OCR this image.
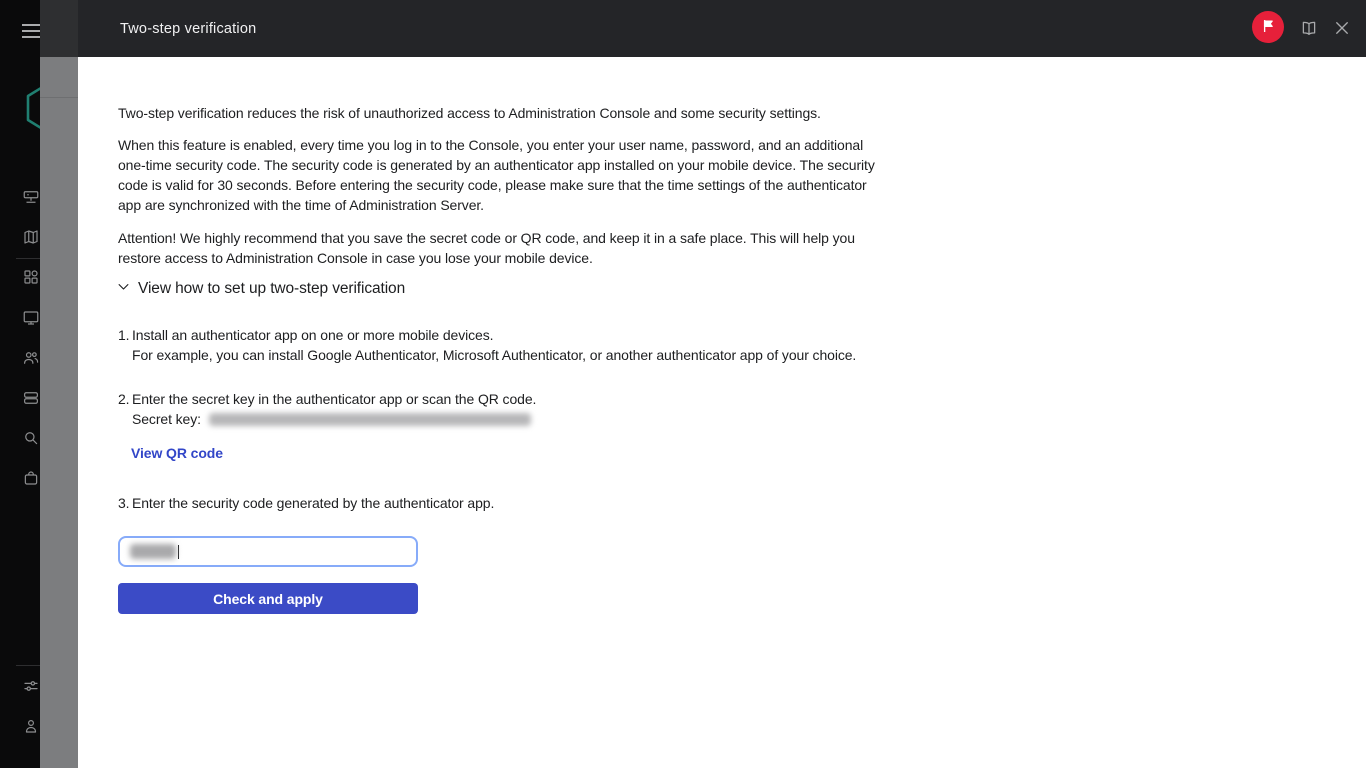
Two-step verification

Two-step verification reduces the risk of unauthorized access to Administration Console and some security settings.

When this feature is enabled, every time you log in to the Console, you enter your user name, password, and an additional one-time security code. The security code is generated by an authenticator app installed on your mobile device. The security code is valid for 30 seconds. Before entering the security code, please make sure that the time settings of the authenticator app are synchronized with the time of Administration Server.

Attention! We highly recommend that you save the secret code or QR code, and keep it in a safe place. This will help you restore access to Administration Console in case you lose your mobile device.

View how to set up two-step verification
1. Install an authenticator app on one or more mobile devices.
For example, you can install Google Authenticator, Microsoft Authenticator, or another authenticator app of your choice.
2. Enter the secret key in the authenticator app or scan the QR code.
Secret key:
View QR code
3. Enter the security code generated by the authenticator app.
Check and apply
